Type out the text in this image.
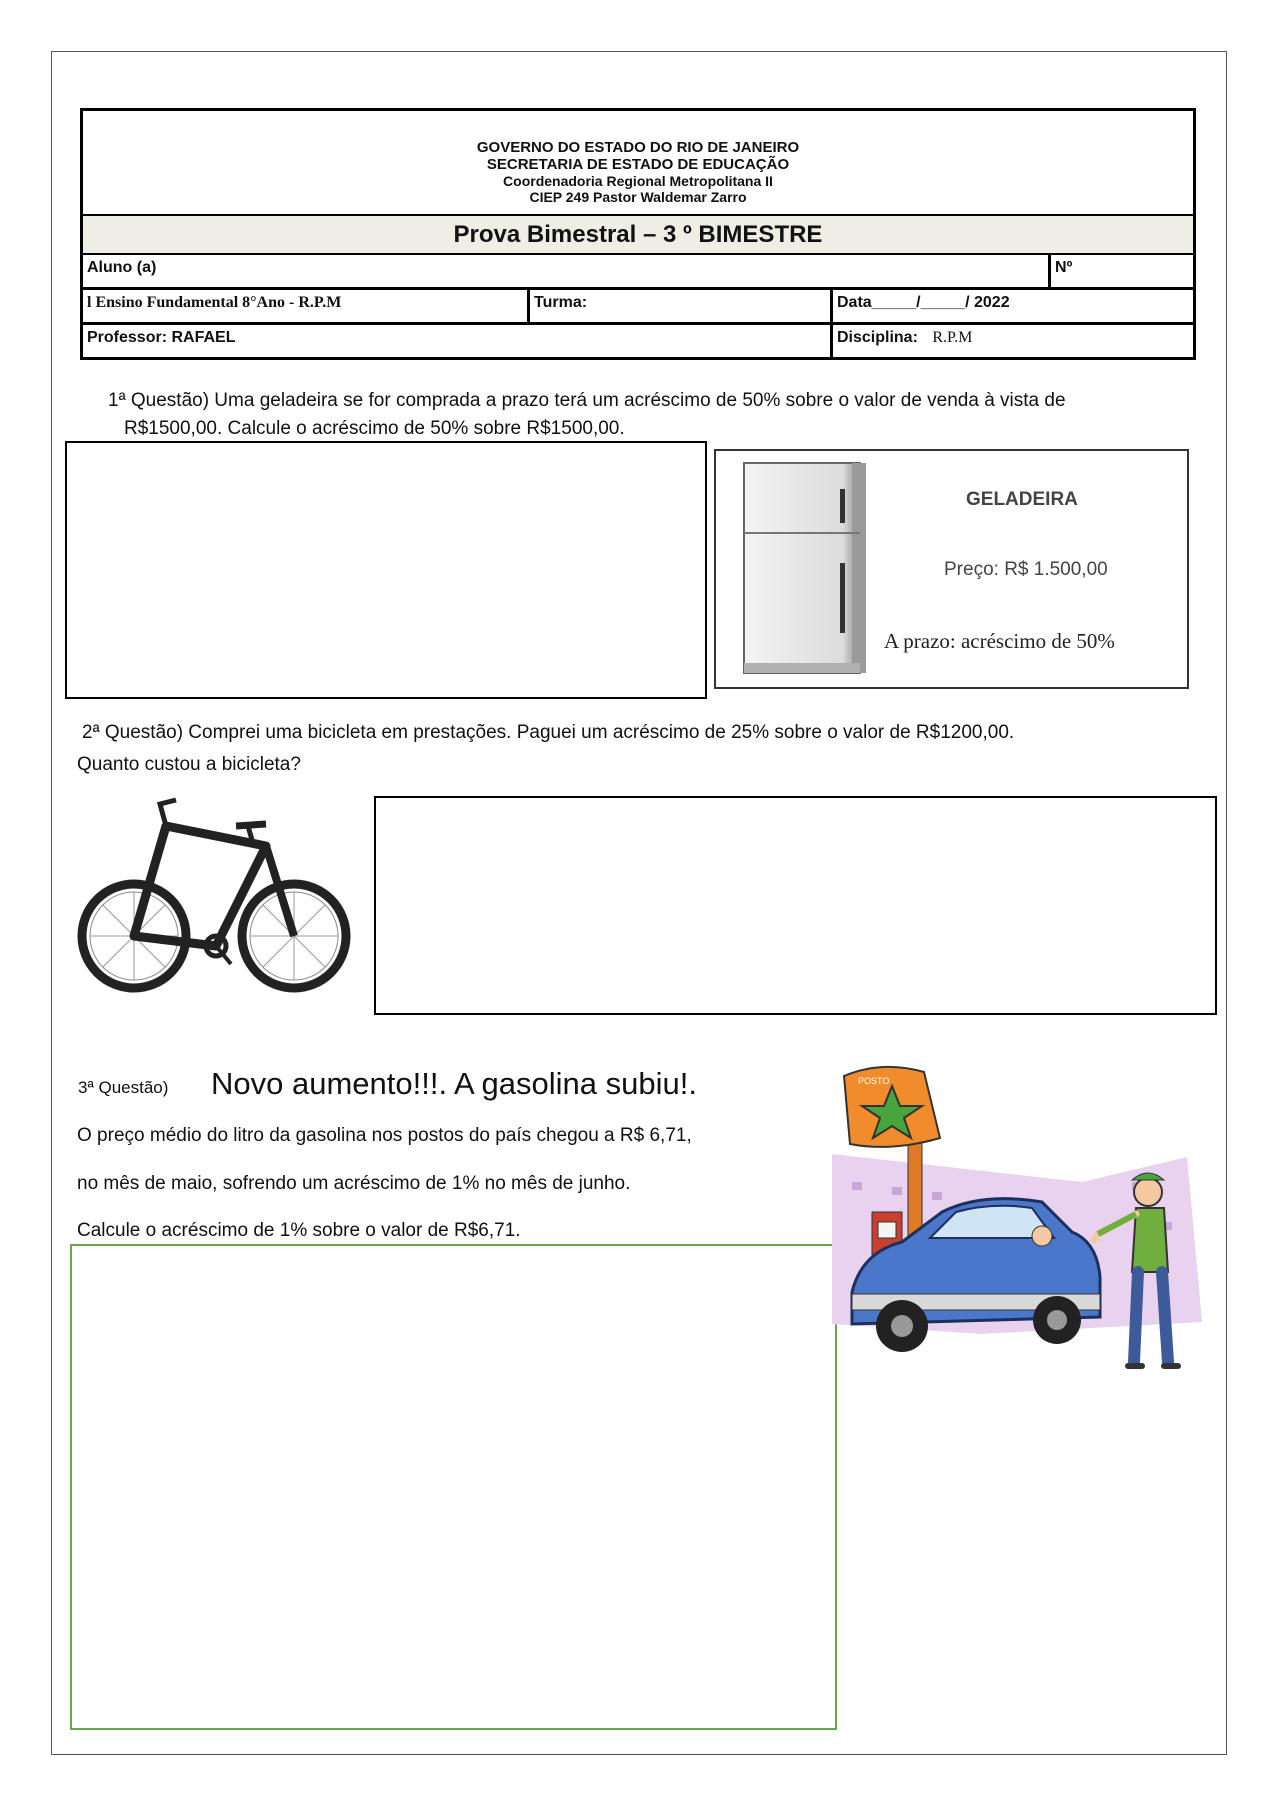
GOVERNO DO ESTADO DO RIO DE JANEIRO
SECRETARIA DE ESTADO DE EDUCAÇÃO
Coordenadoria Regional Metropolitana II
CIEP 249 Pastor Waldemar Zarro
Prova Bimestral – 3 º BIMESTRE
Aluno (a)	Nº
l Ensino Fundamental 8°Ano - R.P.M	Turma:	Data_____/_____/ 2022
Professor: RAFAEL	Disciplina: R.P.M
1ª Questão) Uma geladeira se for comprada a prazo terá um acréscimo de 50% sobre o valor de venda à vista de
R$1500,00. Calcule o acréscimo de 50% sobre R$1500,00.
GELADEIRA
Preço: R$ 1.500,00
A prazo: acréscimo de 50%
2ª Questão) Comprei uma bicicleta em prestações. Paguei um acréscimo de 25% sobre o valor de R$1200,00.
Quanto custou a bicicleta?
3ª Questão) Novo aumento!!!. A gasolina subiu!.
O preço médio do litro da gasolina nos postos do país chegou a R$ 6,71,
no mês de maio, sofrendo um acréscimo de 1% no mês de junho.
Calcule o acréscimo de 1% sobre o valor de R$6,71.
POSTO
